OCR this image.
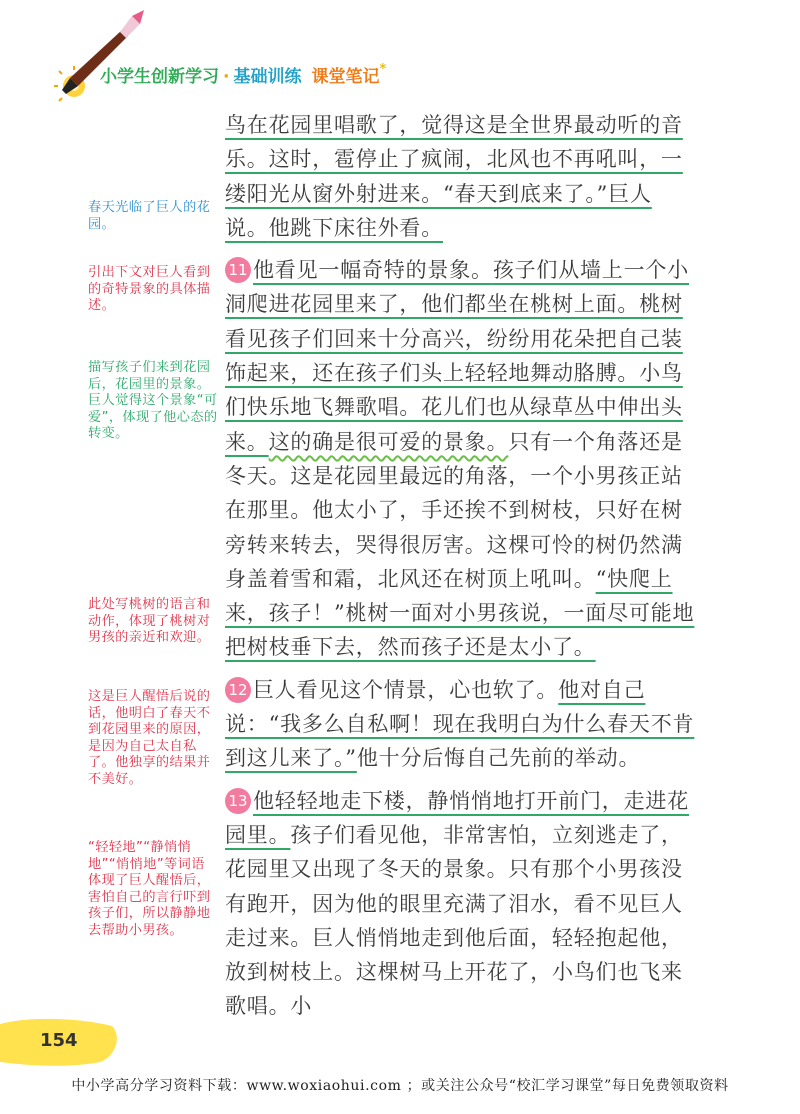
小学生创新学习 · 基础训练 课堂笔记*
春天光临了巨人的花园。
引出下文对巨人看到的奇特景象的具体描述。
描写孩子们来到花园后，花园里的景象。巨人觉得这个景象“可爱”，体现了他心态的转变。
此处写桃树的语言和动作，体现了桃树对男孩的亲近和欢迎。
这是巨人醒悟后说的话，他明白了春天不到花园里来的原因，是因为自己太自私了。他独享的结果并不美好。
“轻轻地”“静悄悄地”“悄悄地”等词语体现了巨人醒悟后，害怕自己的言行吓到孩子们，所以静静地去帮助小男孩。

鸟在花园里唱歌了，觉得这是全世界最动听的音乐。这时，雹停止了疯闹，北风也不再吼叫，一缕阳光从窗外射进来。“春天到底来了。”巨人说。他跳下床往外看。

11 他看见一幅奇特的景象。孩子们从墙上一个小洞爬进花园里来了，他们都坐在桃树上面。桃树看见孩子们回来十分高兴，纷纷用花朵把自己装饰起来，还在孩子们头上轻轻地舞动胳膊。小鸟们快乐地飞舞歌唱。花儿们也从绿草丛中伸出头来。这的确是很可爱的景象。只有一个角落还是冬天。这是花园里最远的角落，一个小男孩正站在那里。他太小了，手还挨不到树枝，只好在树旁转来转去，哭得很厉害。这棵可怜的树仍然满身盖着雪和霜，北风还在树顶上吼叫。“快爬上来，孩子！”桃树一面对小男孩说，一面尽可能地把树枝垂下去，然而孩子还是太小了。

12 巨人看见这个情景，心也软了。他对自己说：“我多么自私啊！现在我明白为什么春天不肯到这儿来了。”他十分后悔自己先前的举动。

13 他轻轻地走下楼，静悄悄地打开前门，走进花园里。孩子们看见他，非常害怕，立刻逃走了，花园里又出现了冬天的景象。只有那个小男孩没有跑开，因为他的眼里充满了泪水，看不见巨人走过来。巨人悄悄地走到他后面，轻轻抱起他，放到树枝上。这棵树马上开花了，小鸟们也飞来歌唱。小

154
中小学高分学习资料下载：www.woxiaohui.com ；或关注公众号“校汇学习课堂”每日免费领取资料
